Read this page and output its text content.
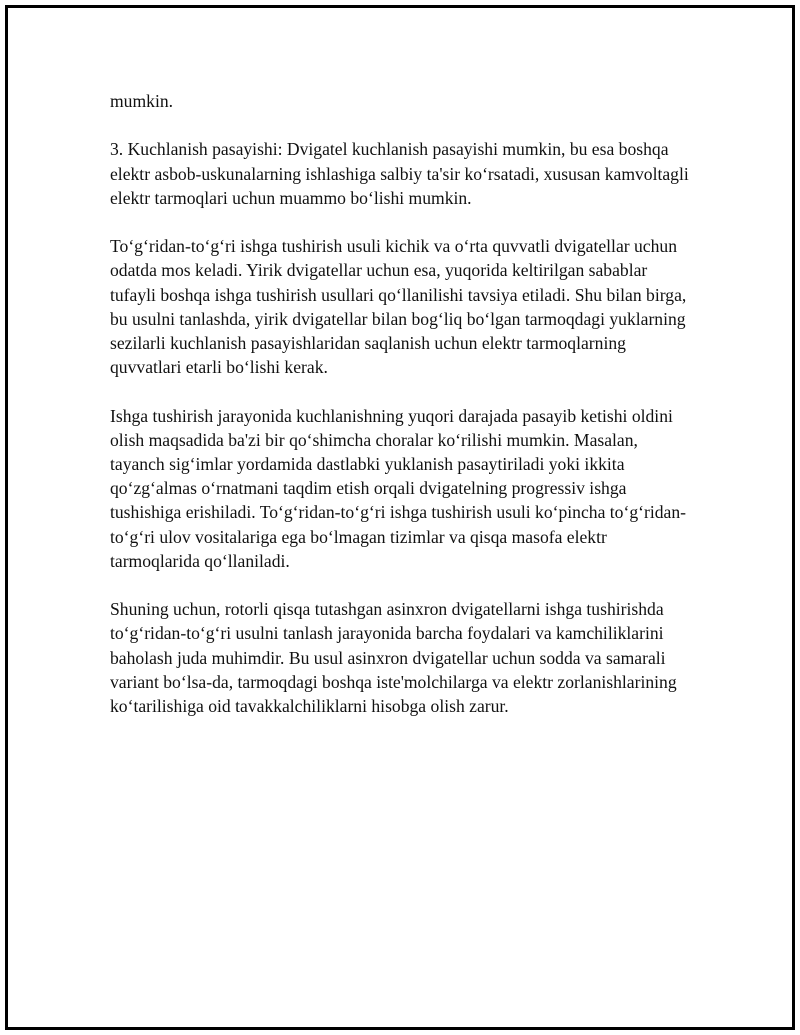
mumkin.

3. Kuchlanish pasayishi: Dvigatel kuchlanish pasayishi mumkin, bu esa boshqa elektr asbob-uskunalarning ishlashiga salbiy ta'sir ko‘rsatadi, xususan kamvoltagli elektr tarmoqlari uchun muammo bo‘lishi mumkin.

To‘g‘ridan-to‘g‘ri ishga tushirish usuli kichik va o‘rta quvvatli dvigatellar uchun odatda mos keladi. Yirik dvigatellar uchun esa, yuqorida keltirilgan sabablar tufayli boshqa ishga tushirish usullari qo‘llanilishi tavsiya etiladi. Shu bilan birga, bu usulni tanlashda, yirik dvigatellar bilan bog‘liq bo‘lgan tarmoqdagi yuklarning sezilarli kuchlanish pasayishlaridan saqlanish uchun elektr tarmoqlarning quvvatlari etarli bo‘lishi kerak.

Ishga tushirish jarayonida kuchlanishning yuqori darajada pasayib ketishi oldini olish maqsadida ba'zi bir qo‘shimcha choralar ko‘rilishi mumkin. Masalan, tayanch sig‘imlar yordamida dastlabki yuklanish pasaytiriladi yoki ikkita qo‘zg‘almas o‘rnatmani taqdim etish orqali dvigatelning progressiv ishga tushishiga erishiladi. To‘g‘ridan-to‘g‘ri ishga tushirish usuli ko‘pincha to‘g‘ridan-to‘g‘ri ulov vositalariga ega bo‘lmagan tizimlar va qisqa masofa elektr tarmoqlarida qo‘llaniladi.

Shuning uchun, rotorli qisqa tutashgan asinxron dvigatellarni ishga tushirishda to‘g‘ridan-to‘g‘ri usulni tanlash jarayonida barcha foydalari va kamchiliklarini baholash juda muhimdir. Bu usul asinxron dvigatellar uchun sodda va samarali variant bo‘lsa-da, tarmoqdagi boshqa iste'molchilarga va elektr zorlanishlarining ko‘tarilishiga oid tavakkalchiliklarni hisobga olish zarur.
